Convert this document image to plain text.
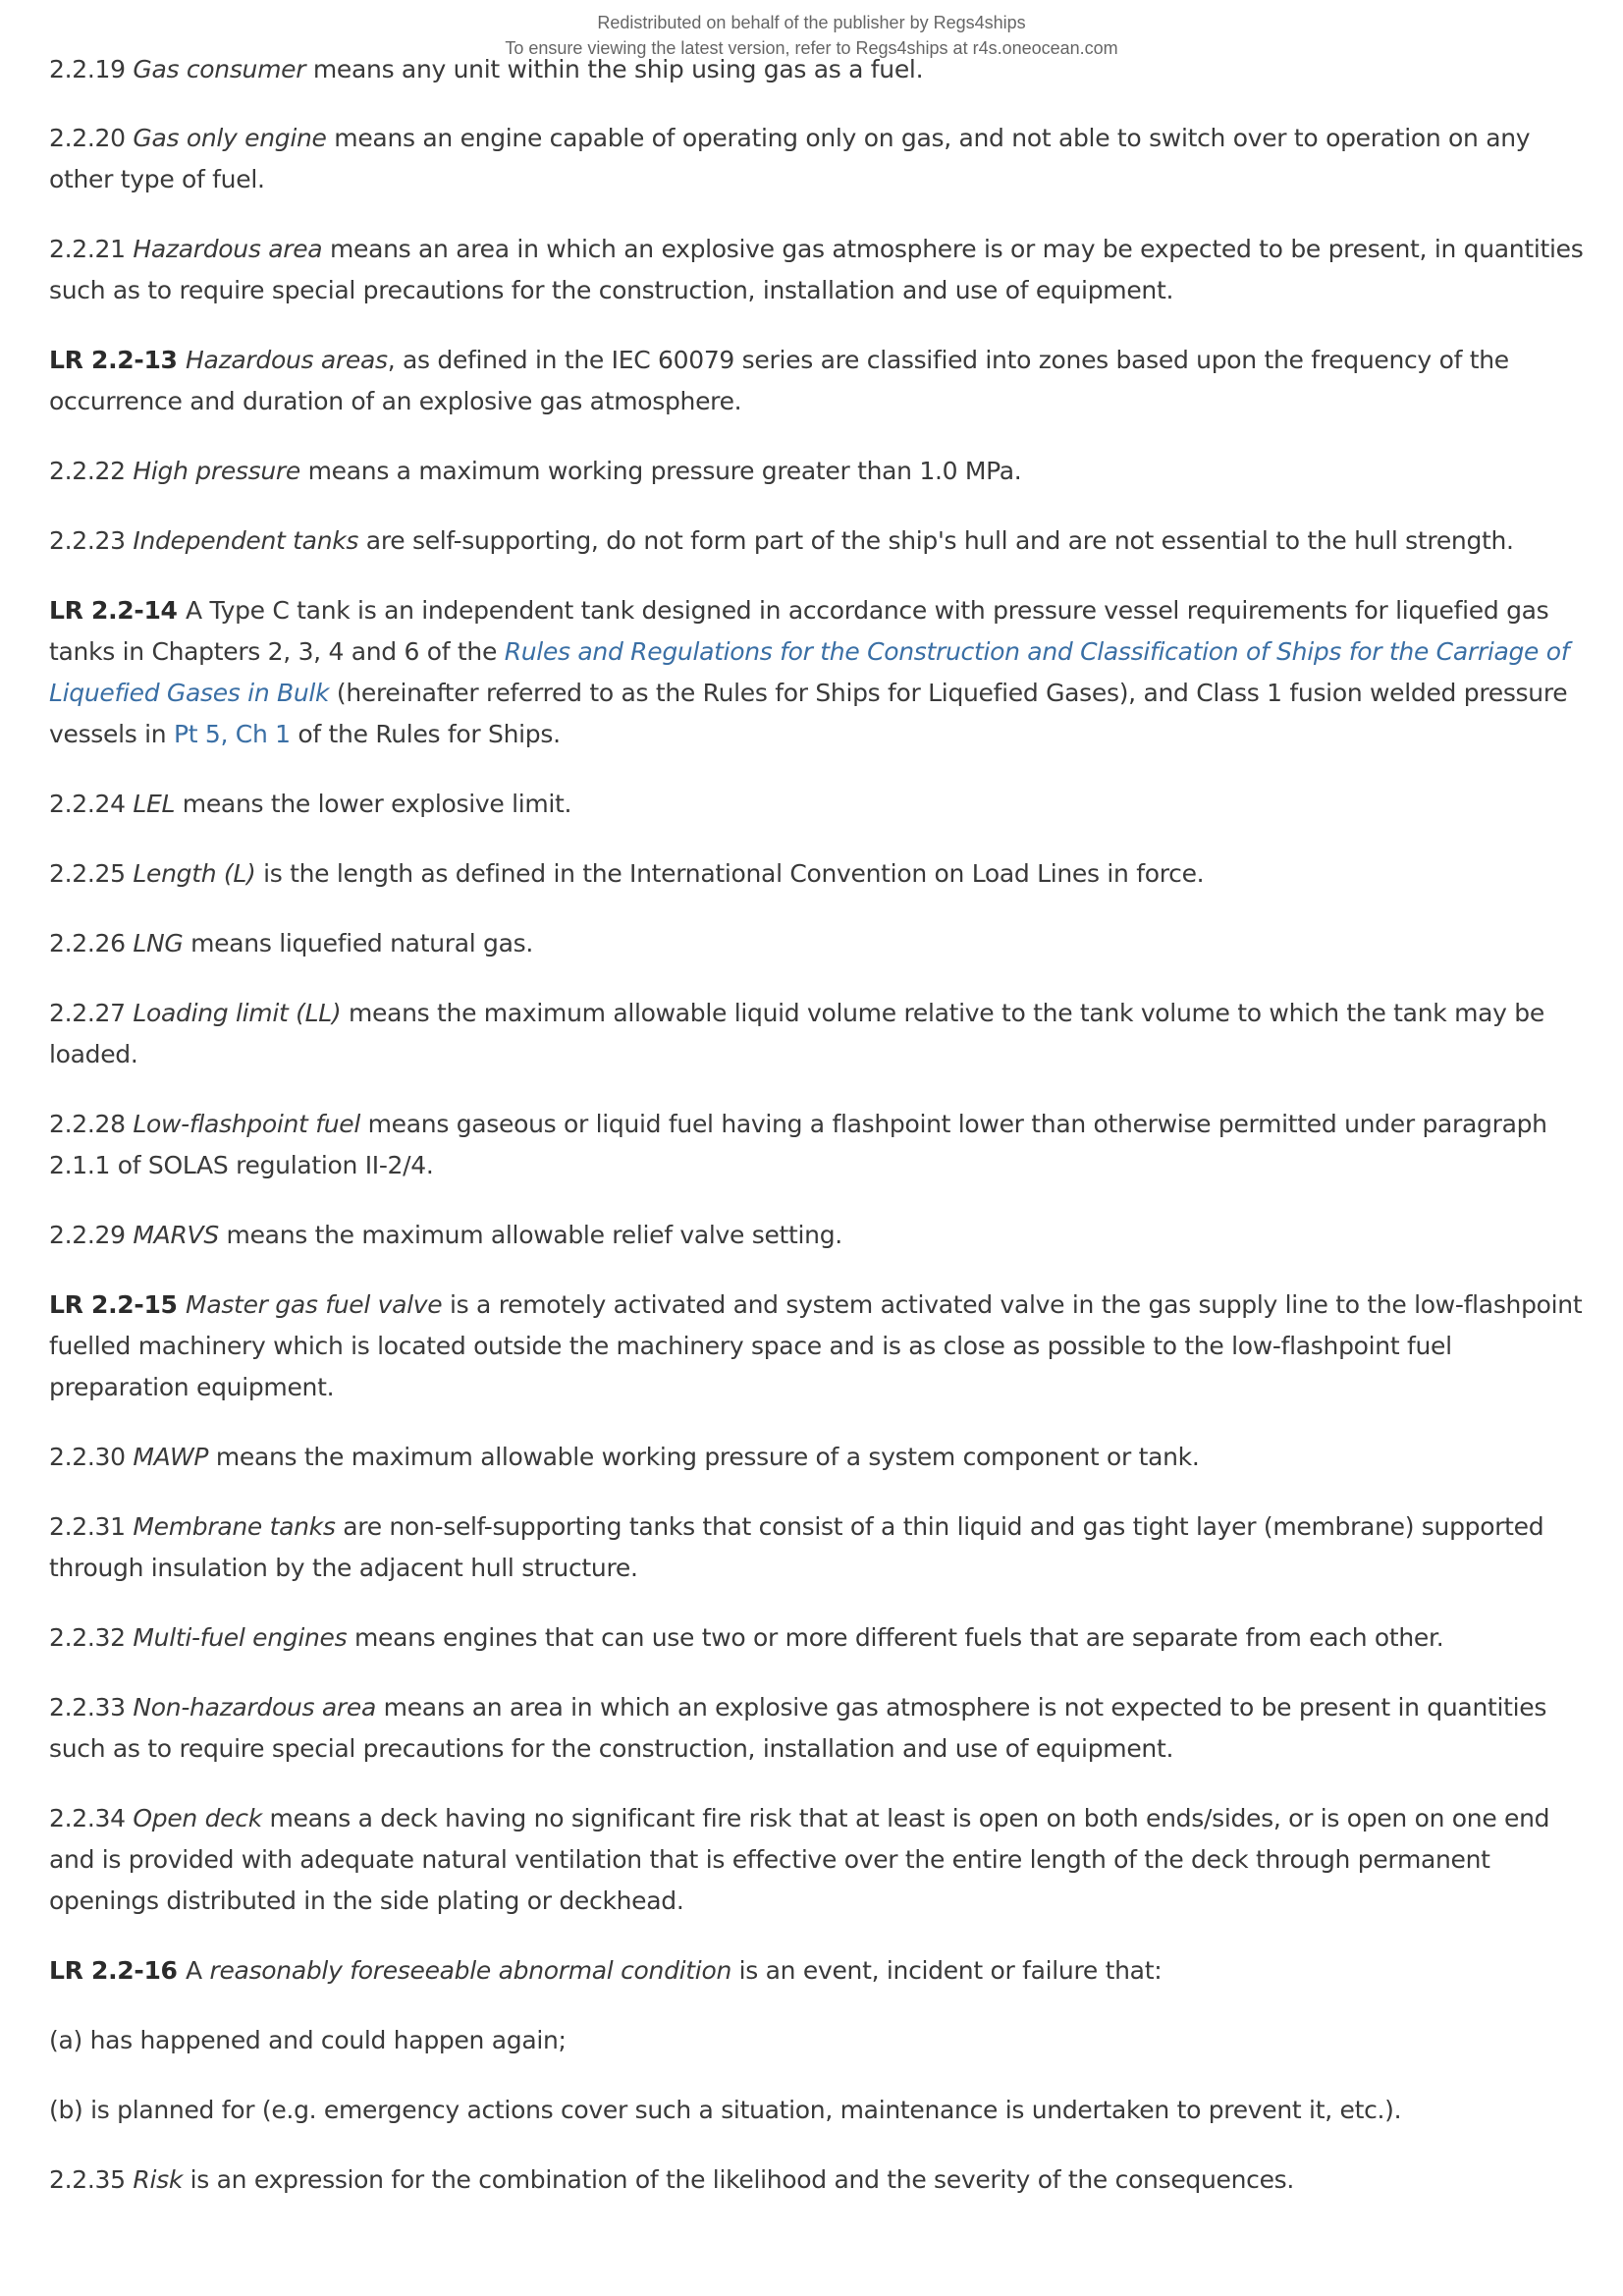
Redistributed on behalf of the publisher by Regs4ships
To ensure viewing the latest version, refer to Regs4ships at r4s.oneocean.com

2.2.19 Gas consumer means any unit within the ship using gas as a fuel.

2.2.20 Gas only engine means an engine capable of operating only on gas, and not able to switch over to operation on any other type of fuel.

2.2.21 Hazardous area means an area in which an explosive gas atmosphere is or may be expected to be present, in quantities such as to require special precautions for the construction, installation and use of equipment.

LR 2.2-13 Hazardous areas, as defined in the IEC 60079 series are classified into zones based upon the frequency of the occurrence and duration of an explosive gas atmosphere.

2.2.22 High pressure means a maximum working pressure greater than 1.0 MPa.

2.2.23 Independent tanks are self-supporting, do not form part of the ship's hull and are not essential to the hull strength.

LR 2.2-14 A Type C tank is an independent tank designed in accordance with pressure vessel requirements for liquefied gas tanks in Chapters 2, 3, 4 and 6 of the Rules and Regulations for the Construction and Classification of Ships for the Carriage of Liquefied Gases in Bulk (hereinafter referred to as the Rules for Ships for Liquefied Gases), and Class 1 fusion welded pressure vessels in Pt 5, Ch 1 of the Rules for Ships.

2.2.24 LEL means the lower explosive limit.

2.2.25 Length (L) is the length as defined in the International Convention on Load Lines in force.

2.2.26 LNG means liquefied natural gas.

2.2.27 Loading limit (LL) means the maximum allowable liquid volume relative to the tank volume to which the tank may be loaded.

2.2.28 Low-flashpoint fuel means gaseous or liquid fuel having a flashpoint lower than otherwise permitted under paragraph 2.1.1 of SOLAS regulation II-2/4.

2.2.29 MARVS means the maximum allowable relief valve setting.

LR 2.2-15 Master gas fuel valve is a remotely activated and system activated valve in the gas supply line to the low-flashpoint fuelled machinery which is located outside the machinery space and is as close as possible to the low-flashpoint fuel preparation equipment.

2.2.30 MAWP means the maximum allowable working pressure of a system component or tank.

2.2.31 Membrane tanks are non-self-supporting tanks that consist of a thin liquid and gas tight layer (membrane) supported through insulation by the adjacent hull structure.

2.2.32 Multi-fuel engines means engines that can use two or more different fuels that are separate from each other.

2.2.33 Non-hazardous area means an area in which an explosive gas atmosphere is not expected to be present in quantities such as to require special precautions for the construction, installation and use of equipment.

2.2.34 Open deck means a deck having no significant fire risk that at least is open on both ends/sides, or is open on one end and is provided with adequate natural ventilation that is effective over the entire length of the deck through permanent openings distributed in the side plating or deckhead.

LR 2.2-16 A reasonably foreseeable abnormal condition is an event, incident or failure that:

(a) has happened and could happen again;

(b) is planned for (e.g. emergency actions cover such a situation, maintenance is undertaken to prevent it, etc.).

2.2.35 Risk is an expression for the combination of the likelihood and the severity of the consequences.
